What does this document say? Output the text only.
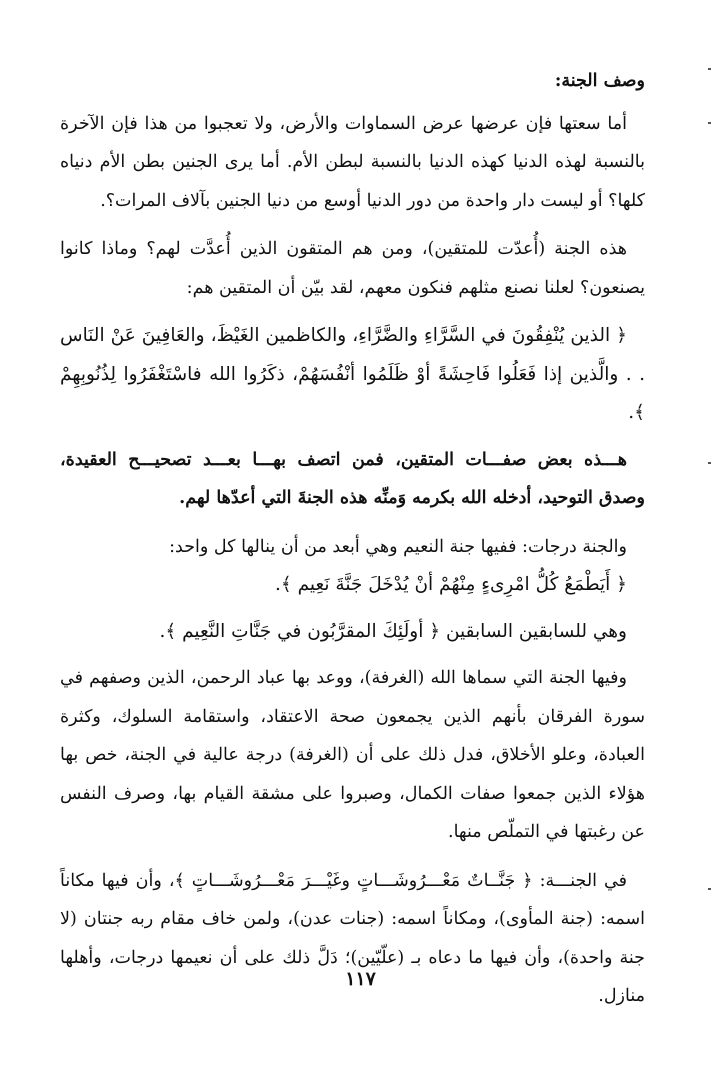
وصف الجنة:

أما سعتها فإن عرضها عرض السماوات والأرض، ولا تعجبوا من هذا فإن الآخرة بالنسبة لهذه الدنيا كهذه الدنيا بالنسبة لبطن الأم. أما يرى الجنين بطن الأم دنياه كلها؟ أو ليست دار واحدة من دور الدنيا أوسع من دنيا الجنين بآلاف المرات؟.

هذه الجنة (أُعدّت للمتقين)، ومن هم المتقون الذين أُعدَّت لهم؟ وماذا كانوا يصنعون؟ لعلنا نصنع مثلهم فنكون معهم، لقد بيّن أن المتقين هم:

﴿ الذين يُنْفِقُونَ في السَّرَّاءِ والضَّرَّاءِ، والكاظمين الغَيْظَ، والعَافِينَ عَنْ النَاس . . والَّذين إذا فَعَلُوا فَاحِشَةً أوْ ظَلَمُوا أنْفُسَهُمْ، ذكَرُوا الله فاسْتَغْفَرُوا لِذُنُوبِهِمْ ﴾.

هـــذه بعض صفـــات المتقين، فمن اتصف بهـــا بعـــد تصحيـــح العقيدة، وصدق التوحيد، أدخله الله بكرمه وَمنِّه هذه الجنةَ التي أعدّها لهم.

والجنة درجات: ففيها جنة النعيم وهي أبعد من أن ينالها كل واحد:

﴿ أَيَطْمَعُ كُلُّ امْرِىءٍ مِنْهُمْ أنْ يُدْخَلَ جَنَّةَ نَعِيم ﴾.

وهي للسابقين السابقين ﴿ أولَئِكَ المقرَّبُون في جَنَّاتِ النَّعِيم ﴾.

وفيها الجنة التي سماها الله (الغرفة)، ووعد بها عباد الرحمن، الذين وصفهم في سورة الفرقان بأنهم الذين يجمعون صحة الاعتقاد، واستقامة السلوك، وكثرة العبادة، وعلو الأخلاق، فدل ذلك على أن (الغرفة) درجة عالية في الجنة، خص بها هؤلاء الذين جمعوا صفات الكمال، وصبروا على مشقة القيام بها، وصرف النفس عن رغبتها في التملّص منها.

في الجنـــة: ﴿ جَنَّــاتٌ مَعْـــرُوشَـــاتٍ وغَيْـــرَ مَعْـــرُوشَـــاتٍ ﴾، وأن فيها مكاناً اسمه: (جنة المأوى)، ومكاناً اسمه: (جنات عدن)، ولمن خاف مقام ربه جنتان (لا جنة واحدة)، وأن فيها ما دعاه بـ (علّيّين)؛ دَلَّ ذلك على أن نعيمها درجات، وأهلها منازل.

١١٧
